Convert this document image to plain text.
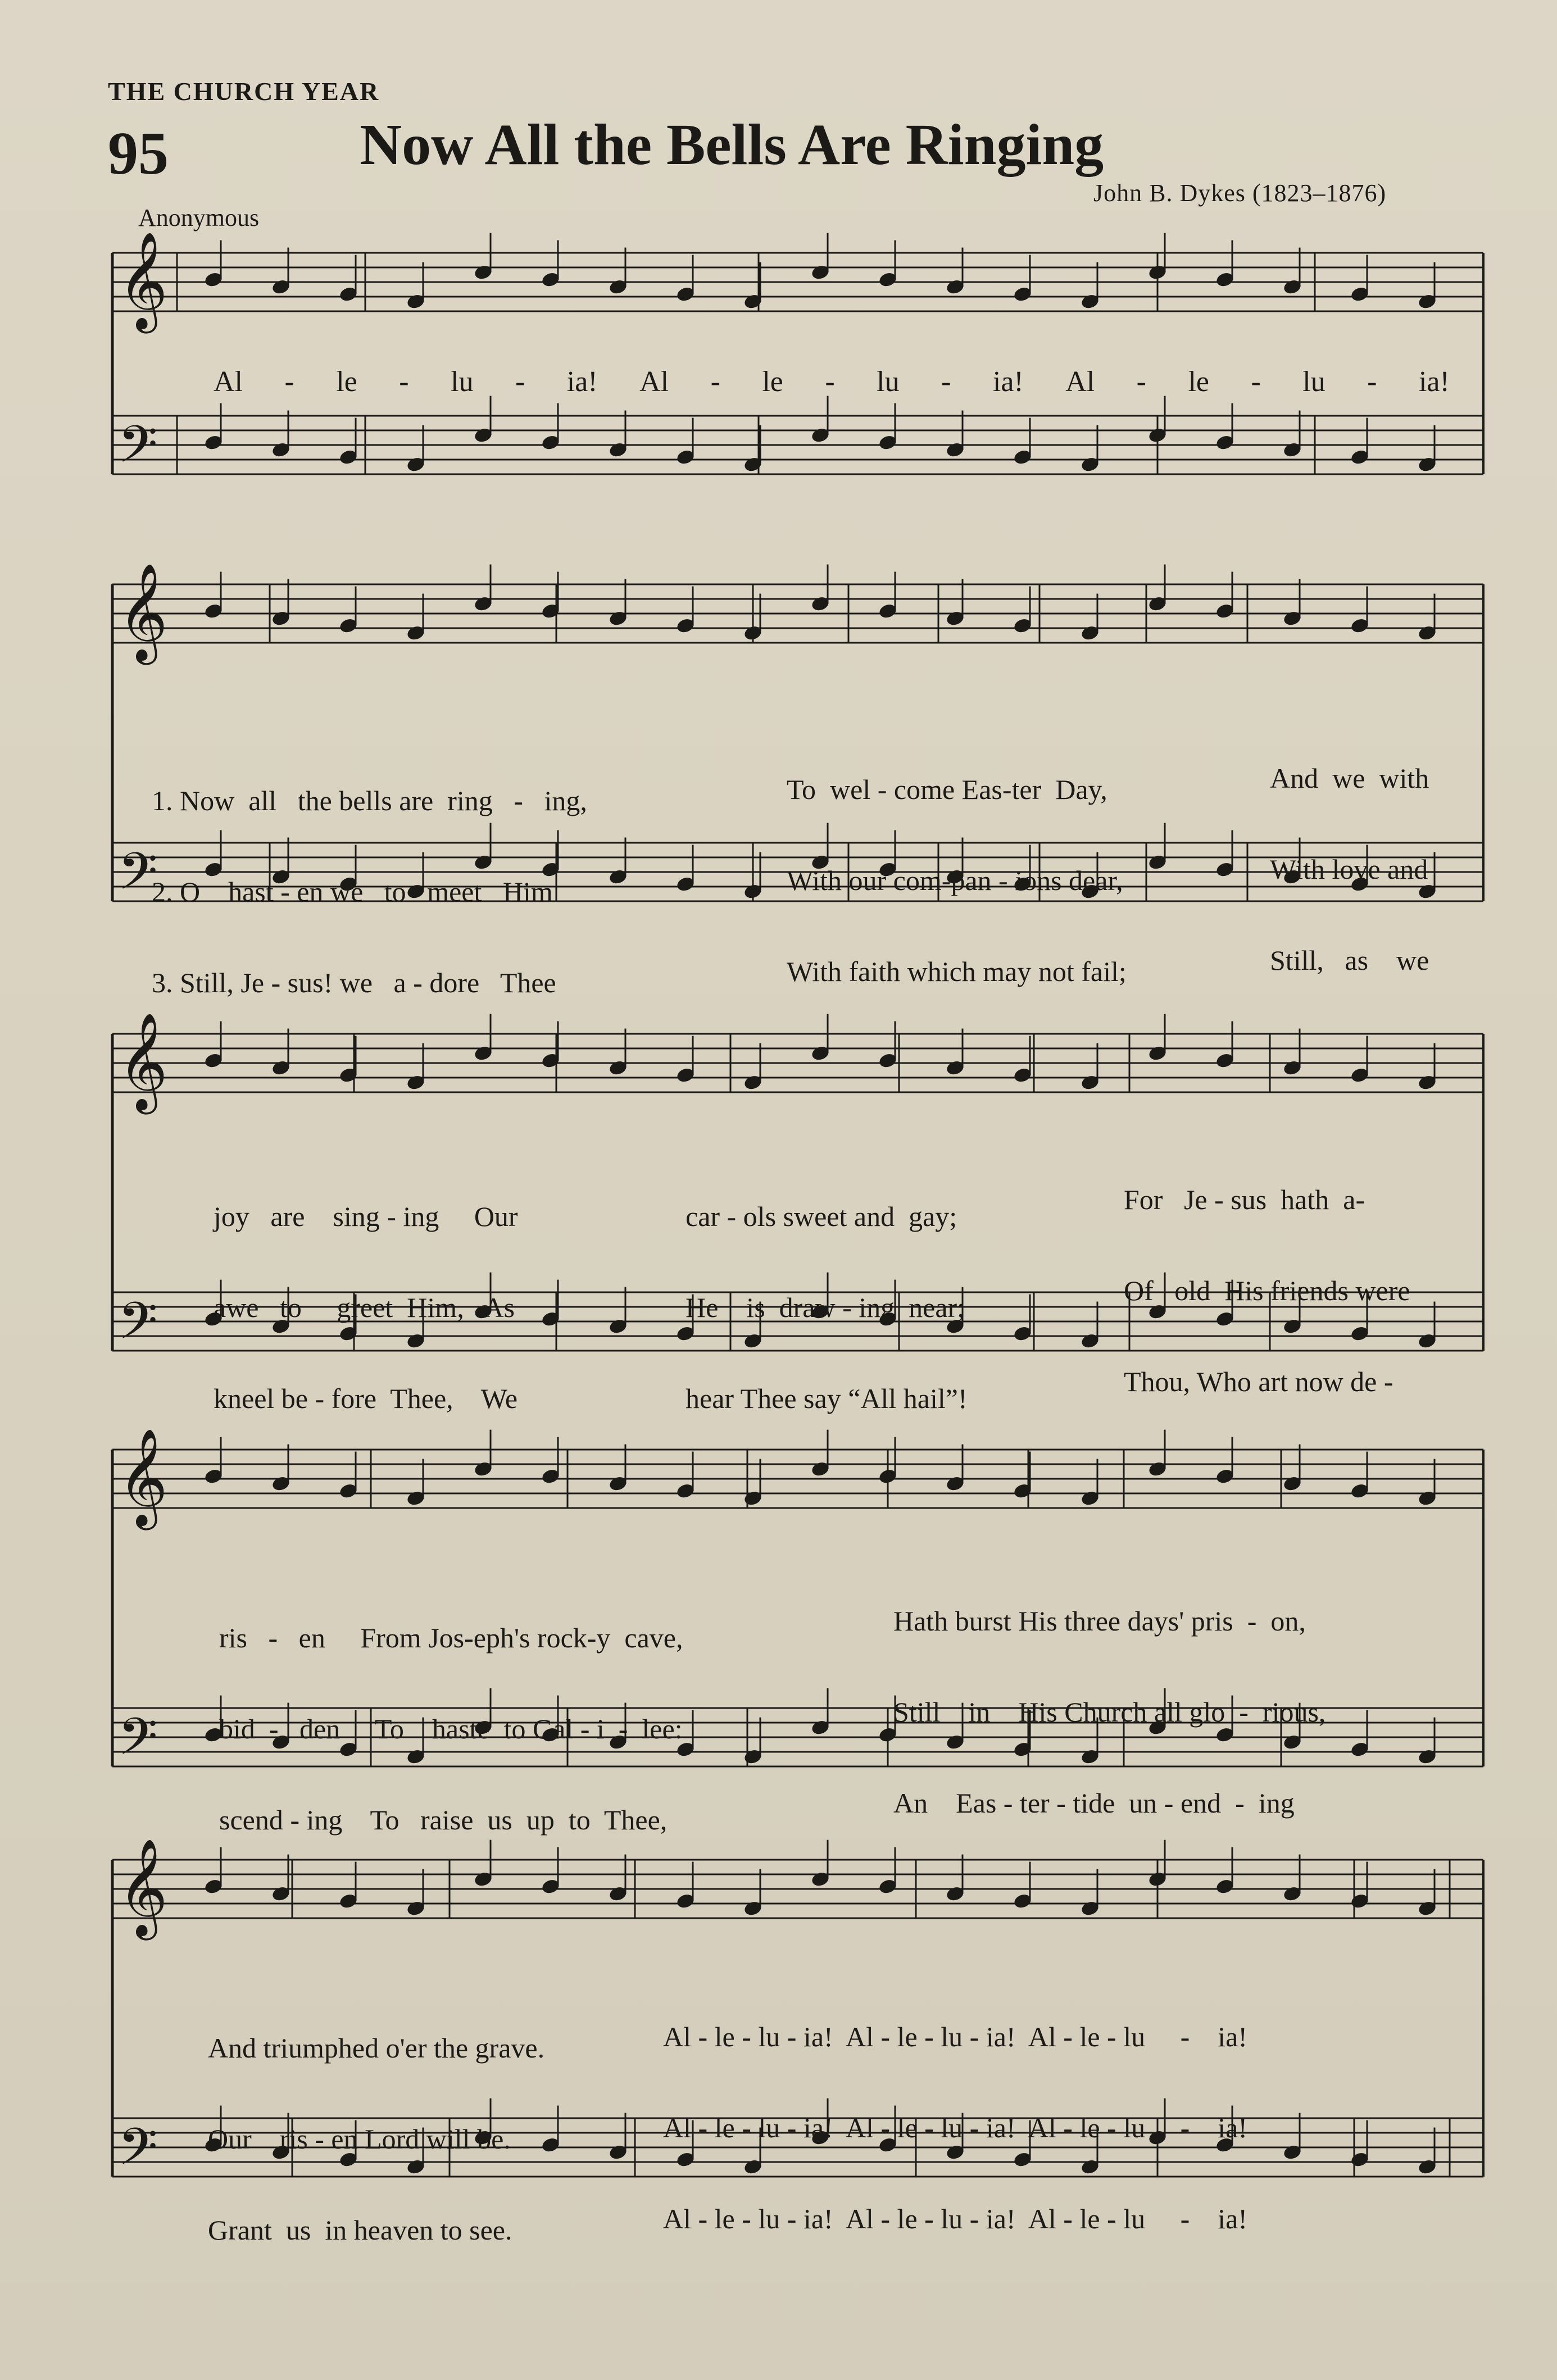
THE CHURCH YEAR
95	Now All the Bells Are Ringing
Anonymous
John B. Dykes (1823–1876)
𝄞
𝄢
Al - le - lu - ia! Al - le - lu - ia! Al - le - lu - ia!
𝄞
𝄢

1. Now  all   the bells are  ring   -   ing,

2. O    hast - en we   to   meet   Him

3. Still, Je - sus! we   a - dore   Thee

To  wel - come Eas-ter  Day,

With our com-pan - ions dear,

With faith which may not fail;

And  we  with

With love and

Still,   as    we

𝄞
𝄢

joy   are    sing - ing     Our

awe   to     greet  Him,   As

kneel be - fore  Thee,    We

car - ols sweet and  gay;

He    is  draw - ing  near;

hear Thee say “All hail”!

For   Je - sus  hath  a-

Of   old  His friends were

Thou, Who art now de -

𝄞
𝄢

ris   -   en     From Jos-eph's rock-y  cave,

bid  -   den     To    haste  to Gal - i  -  lee:

scend - ing    To   raise  us  up  to  Thee,

Hath burst His three days' pris  -  on,

Still    in    His Church all glo  -  rious,

An    Eas - ter - tide  un - end  -  ing

𝄞
𝄢

And triumphed o'er the grave.

Our    ris - en Lord will be.

Grant  us  in heaven to see.

Al - le - lu - ia!  Al - le - lu - ia!  Al - le - lu     -    ia!

Al - le - lu - ia!  Al - le - lu - ia!  Al - le - lu     -    ia!

Al - le - lu - ia!  Al - le - lu - ia!  Al - le - lu     -    ia!
